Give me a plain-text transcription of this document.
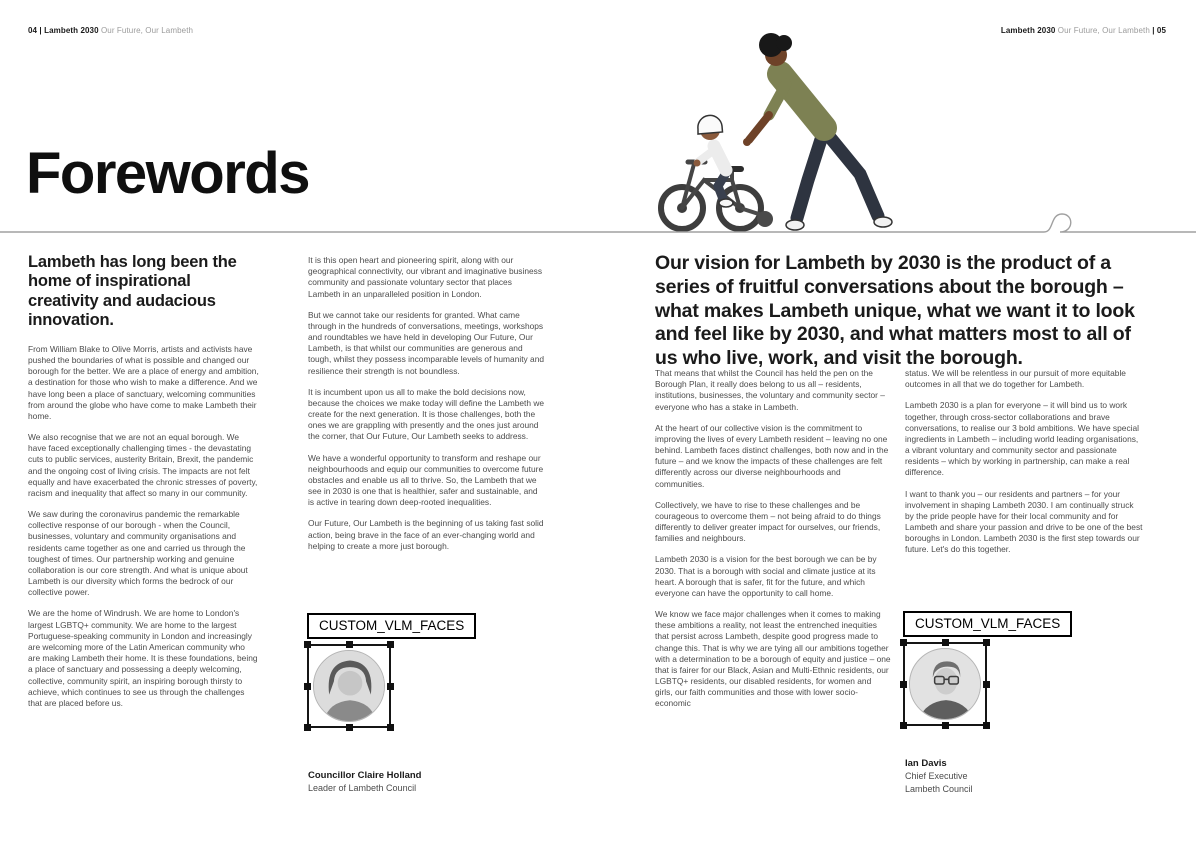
04 | Lambeth 2030 Our Future, Our Lambeth	Lambeth 2030 Our Future, Our Lambeth | 05
Forewords
Lambeth has long been the home of inspirational creativity and audacious innovation.

From William Blake to Olive Morris, artists and activists have pushed the boundaries of what is possible and changed our borough for the better. We are a place of energy and ambition, a destination for those who wish to make a difference. And we have long been a place of sanctuary, welcoming communities from around the globe who have come to make Lambeth their home.

We also recognise that we are not an equal borough. We have faced exceptionally challenging times - the devastating cuts to public services, austerity Britain, Brexit, the pandemic and the ongoing cost of living crisis. The impacts are not felt equally and have exacerbated the chronic stresses of poverty, racism and inequality that affect so many in our community.

We saw during the coronavirus pandemic the remarkable collective response of our borough - when the Council, businesses, voluntary and community organisations and residents came together as one and carried us through the toughest of times. Our partnership working and genuine collaboration is our core strength. And what is unique about Lambeth is our diversity which forms the bedrock of our collective power.

We are the home of Windrush. We are home to London's largest LGBTQ+ community. We are home to the largest Portuguese-speaking community in London and increasingly are welcoming more of the Latin American community who are making Lambeth their home. It is these foundations, being a place of sanctuary and possessing a deeply welcoming, collective, community spirit, an inspiring borough thirsty to achieve, which continues to see us through the challenges that are placed before us.

It is this open heart and pioneering spirit, along with our geographical connectivity, our vibrant and imaginative business community and passionate voluntary sector that places Lambeth in an unparalleled position in London.

But we cannot take our residents for granted. What came through in the hundreds of conversations, meetings, workshops and roundtables we have held in developing Our Future, Our Lambeth, is that whilst our communities are generous and tough, whilst they possess incomparable levels of humanity and resilience their strength is not boundless.

It is incumbent upon us all to make the bold decisions now, because the choices we make today will define the Lambeth we create for the next generation. It is those challenges, both the ones we are grappling with presently and the ones just around the corner, that Our Future, Our Lambeth seeks to address.

We have a wonderful opportunity to transform and reshape our neighbourhoods and equip our communities to overcome future obstacles and enable us all to thrive. So, the Lambeth that we see in 2030 is one that is healthier, safer and sustainable, and is active in tearing down deep-rooted inequalities.

Our Future, Our Lambeth is the beginning of us taking fast solid action, being brave in the face of an ever-changing world and helping to create a more just borough.

Our vision for Lambeth by 2030 is the product of a series of fruitful conversations about the borough – what makes Lambeth unique, what we want it to look and feel like by 2030, and what matters most to all of us who live, work, and visit the borough.

That means that whilst the Council has held the pen on the Borough Plan, it really does belong to us all – residents, institutions, businesses, the voluntary and community sector – everyone who has a stake in Lambeth.

At the heart of our collective vision is the commitment to improving the lives of every Lambeth resident – leaving no one behind. Lambeth faces distinct challenges, both now and in the future – and we know the impacts of these challenges are felt differently across our diverse neighbourhoods and communities.

Collectively, we have to rise to these challenges and be courageous to overcome them – not being afraid to do things differently to deliver greater impact for ourselves, our friends, families and neighbours.

Lambeth 2030 is a vision for the best borough we can be by 2030. That is a borough with social and climate justice at its heart. A borough that is safer, fit for the future, and which everyone can have the opportunity to call home.

We know we face major challenges when it comes to making these ambitions a reality, not least the entrenched inequities that persist across Lambeth, despite good progress made to change this. That is why we are tying all our ambitions together with a determination to be a borough of equity and justice – one that is fairer for our Black, Asian and Multi-Ethnic residents, our LGBTQ+ residents, our disabled residents, for women and girls, our faith communities and those with lower socio-economic

status. We will be relentless in our pursuit of more equitable outcomes in all that we do together for Lambeth.

Lambeth 2030 is a plan for everyone – it will bind us to work together, through cross-sector collaborations and brave conversations, to realise our 3 bold ambitions. We have special ingredients in Lambeth – including world leading organisations, a vibrant voluntary and community sector and passionate residents – which by working in partnership, can make a real difference.

I want to thank you – our residents and partners – for your involvement in shaping Lambeth 2030. I am continually struck by the pride people have for their local community and for Lambeth and share your passion and drive to be one of the best boroughs in London. Lambeth 2030 is the first step towards our future. Let's do this together.

CUSTOM_VLM_FACES
Councillor Claire Holland
Leader of Lambeth Council
CUSTOM_VLM_FACES
Ian Davis
Chief Executive
Lambeth Council
